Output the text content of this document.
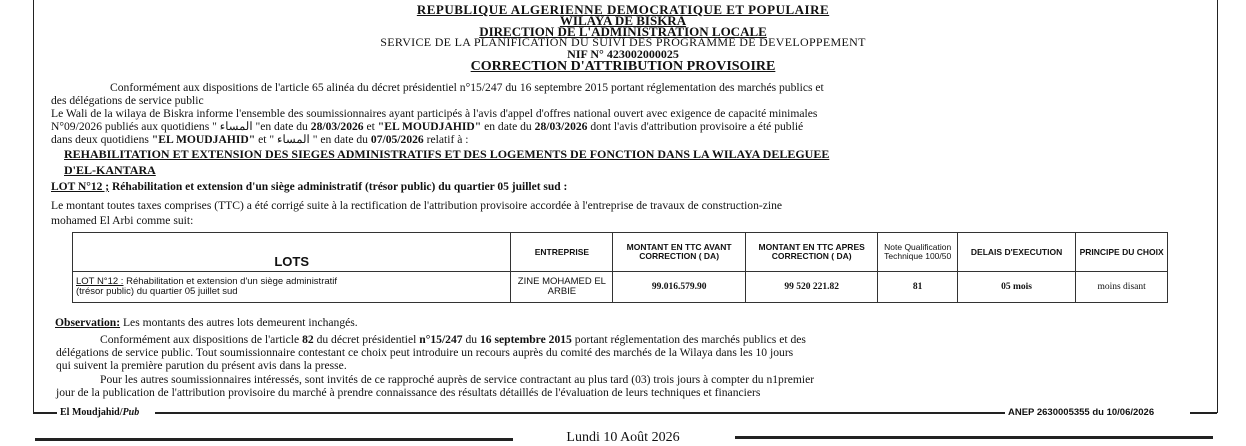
REPUBLIQUE ALGERIENNE DEMOCRATIQUE ET POPULAIRE
WILAYA DE BISKRA
DIRECTION DE L'ADMINISTRATION LOCALE
SERVICE DE LA PLANIFICATION DU SUIVI DES PROGRAMME DE DEVELOPPEMENT
NIF N° 423002000025
CORRECTION D'ATTRIBUTION PROVISOIRE
Conformément aux dispositions de l'article 65 alinéa du décret présidentiel n°15/247 du 16 septembre 2015 portant réglementation des marchés publics et
des délégations de service public
Le Wali de la wilaya de Biskra informe l'ensemble des soumissionnaires ayant participés à l'avis d'appel d'offres national ouvert avec exigence de capacité minimales
N°09/2026 publiés aux quotidiens " المساء "en date du 28/03/2026 et "EL MOUDJAHID" en date du 28/03/2026 dont l'avis d'attribution provisoire a été publié
dans deux quotidiens "EL MOUDJAHID" et " المساء " en date du 07/05/2026 relatif à :
REHABILITATION ET EXTENSION DES SIEGES ADMINISTRATIFS ET DES LOGEMENTS DE FONCTION DANS LA WILAYA DELEGUEE
D'EL-KANTARA
LOT N°12 ; Réhabilitation et extension d'un siège administratif (trésor public) du quartier 05 juillet sud :
Le montant toutes taxes comprises (TTC) a été corrigé suite à la rectification de l'attribution provisoire accordée à l'entreprise de travaux de construction-zine
mohamed El Arbi comme suit:
LOTS	ENTREPRISE	MONTANT EN TTC AVANT CORRECTION ( DA)	MONTANT EN TTC APRES CORRECTION ( DA)	Note Qualification Technique 100/50	DELAIS D'EXECUTION	PRINCIPE DU CHOIX
LOT N°12 : Réhabilitation et extension d'un siège administratif
(trésor public) du quartier 05 juillet sud	ZINE MOHAMED EL ARBIE	99.016.579.90	99 520 221.82	81	05 mois	moins disant
Observation: Les montants des autres lots demeurent inchangés.
Conformément aux dispositions de l'article 82 du décret présidentiel n°15/247 du 16 septembre 2015 portant réglementation des marchés publics et des
délégations de service public. Tout soumissionnaire contestant ce choix peut introduire un recours auprès du comité des marchés de la Wilaya dans les 10 jours
qui suivent la première parution du présent avis dans la presse.
Pour les autres soumissionnaires intéressés, sont invités de ce rapproché auprès de service contractant au plus tard (03) trois jours à compter du n1premier
jour de la publication de l'attribution provisoire du marché à prendre connaissance des résultats détaillés de l'évaluation de leurs techniques et financiers
El Moudjahid/Pub	ANEP 2630005355 du 10/06/2026
Lundi 10 Août 2026
